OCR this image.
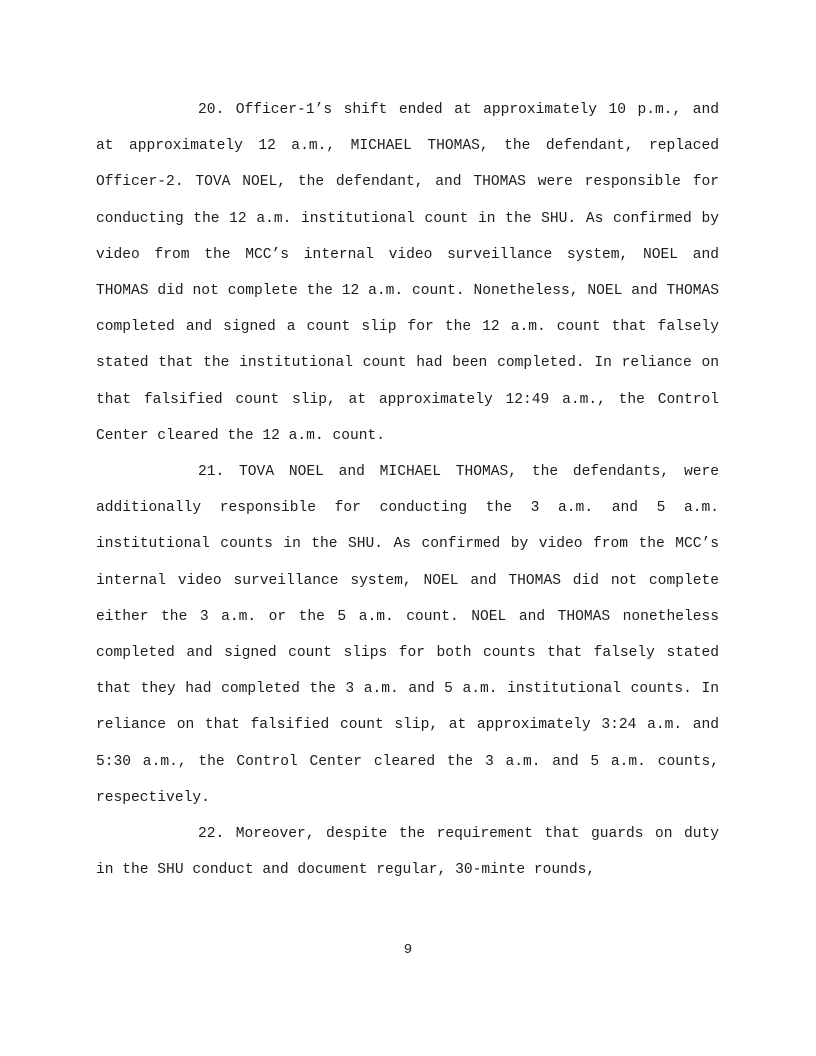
20. Officer-1’s shift ended at approximately 10 p.m., and at approximately 12 a.m., MICHAEL THOMAS, the defendant, replaced Officer-2. TOVA NOEL, the defendant, and THOMAS were responsible for conducting the 12 a.m. institutional count in the SHU. As confirmed by video from the MCC’s internal video surveillance system, NOEL and THOMAS did not complete the 12 a.m. count. Nonetheless, NOEL and THOMAS completed and signed a count slip for the 12 a.m. count that falsely stated that the institutional count had been completed. In reliance on that falsified count slip, at approximately 12:49 a.m., the Control Center cleared the 12 a.m. count.

21. TOVA NOEL and MICHAEL THOMAS, the defendants, were additionally responsible for conducting the 3 a.m. and 5 a.m. institutional counts in the SHU. As confirmed by video from the MCC’s internal video surveillance system, NOEL and THOMAS did not complete either the 3 a.m. or the 5 a.m. count. NOEL and THOMAS nonetheless completed and signed count slips for both counts that falsely stated that they had completed the 3 a.m. and 5 a.m. institutional counts. In reliance on that falsified count slip, at approximately 3:24 a.m. and 5:30 a.m., the Control Center cleared the 3 a.m. and 5 a.m. counts, respectively.

22. Moreover, despite the requirement that guards on duty in the SHU conduct and document regular, 30-minte rounds,

9
